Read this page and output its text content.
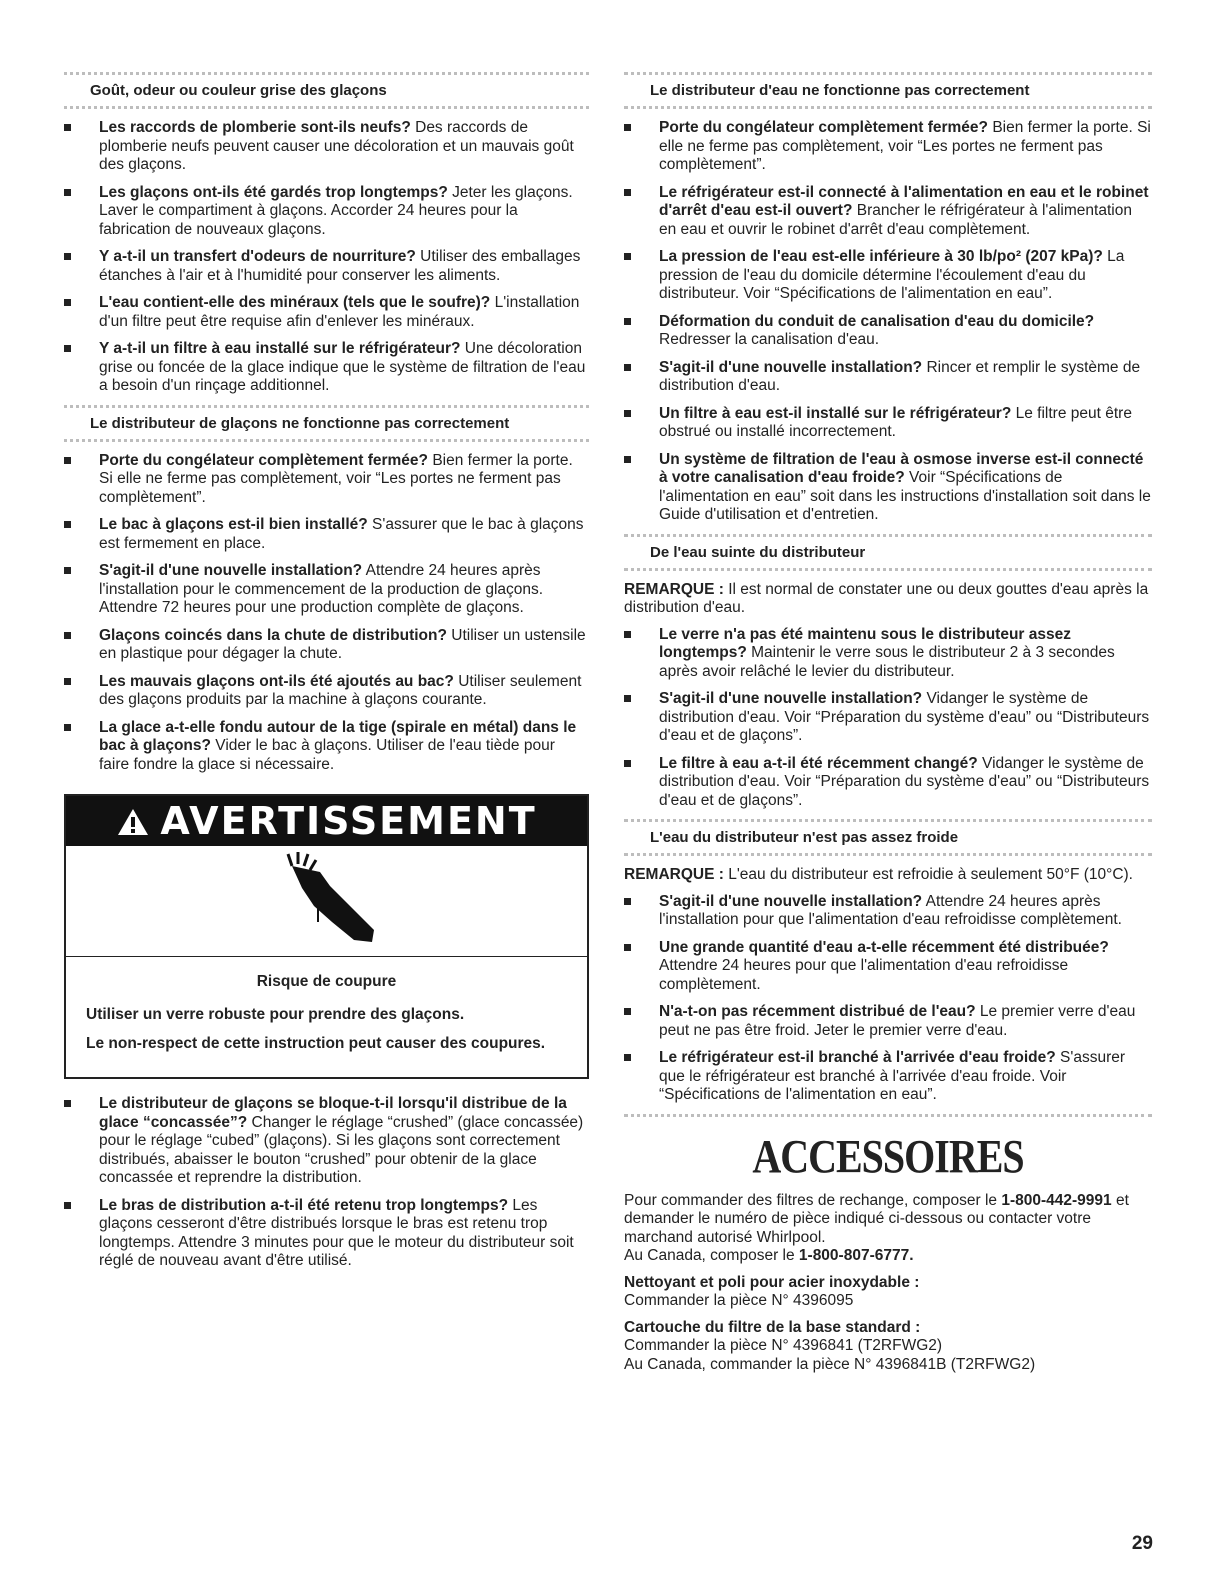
Goût, odeur ou couleur grise des glaçons
Les raccords de plomberie sont-ils neufs? Des raccords de plomberie neufs peuvent causer une décoloration et un mauvais goût des glaçons.
Les glaçons ont-ils été gardés trop longtemps? Jeter les glaçons. Laver le compartiment à glaçons. Accorder 24 heures pour la fabrication de nouveaux glaçons.
Y a-t-il un transfert d'odeurs de nourriture? Utiliser des emballages étanches à l'air et à l'humidité pour conserver les aliments.
L'eau contient-elle des minéraux (tels que le soufre)? L'installation d'un filtre peut être requise afin d'enlever les minéraux.
Y a-t-il un filtre à eau installé sur le réfrigérateur? Une décoloration grise ou foncée de la glace indique que le système de filtration de l'eau a besoin d'un rinçage additionnel.
Le distributeur de glaçons ne fonctionne pas correctement
Porte du congélateur complètement fermée? Bien fermer la porte. Si elle ne ferme pas complètement, voir “Les portes ne ferment pas complètement”.
Le bac à glaçons est-il bien installé? S'assurer que le bac à glaçons est fermement en place.
S'agit-il d'une nouvelle installation? Attendre 24 heures après l'installation pour le commencement de la production de glaçons. Attendre 72 heures pour une production complète de glaçons.
Glaçons coincés dans la chute de distribution? Utiliser un ustensile en plastique pour dégager la chute.
Les mauvais glaçons ont-ils été ajoutés au bac? Utiliser seulement des glaçons produits par la machine à glaçons courante.
La glace a-t-elle fondu autour de la tige (spirale en métal) dans le bac à glaçons? Vider le bac à glaçons. Utiliser de l'eau tiède pour faire fondre la glace si nécessaire.
AVERTISSEMENT
Risque de coupure
Utiliser un verre robuste pour prendre des glaçons.
Le non-respect de cette instruction peut causer des coupures.
Le distributeur de glaçons se bloque-t-il lorsqu'il distribue de la glace “concassée”? Changer le réglage “crushed” (glace concassée) pour le réglage “cubed” (glaçons). Si les glaçons sont correctement distribués, abaisser le bouton “crushed” pour obtenir de la glace concassée et reprendre la distribution.
Le bras de distribution a-t-il été retenu trop longtemps? Les glaçons cesseront d'être distribués lorsque le bras est retenu trop longtemps. Attendre 3 minutes pour que le moteur du distributeur soit réglé de nouveau avant d'être utilisé.
Le distributeur d'eau ne fonctionne pas correctement
Porte du congélateur complètement fermée? Bien fermer la porte. Si elle ne ferme pas complètement, voir “Les portes ne ferment pas complètement”.
Le réfrigérateur est-il connecté à l'alimentation en eau et le robinet d'arrêt d'eau est-il ouvert? Brancher le réfrigérateur à l'alimentation en eau et ouvrir le robinet d'arrêt d'eau complètement.
La pression de l'eau est-elle inférieure à 30 lb/po² (207 kPa)? La pression de l'eau du domicile détermine l'écoulement d'eau du distributeur. Voir “Spécifications de l'alimentation en eau”.
Déformation du conduit de canalisation d'eau du domicile? Redresser la canalisation d'eau.
S'agit-il d'une nouvelle installation? Rincer et remplir le système de distribution d'eau.
Un filtre à eau est-il installé sur le réfrigérateur? Le filtre peut être obstrué ou installé incorrectement.
Un système de filtration de l'eau à osmose inverse est-il connecté à votre canalisation d'eau froide? Voir “Spécifications de l'alimentation en eau” soit dans les instructions d'installation soit dans le Guide d'utilisation et d'entretien.
De l'eau suinte du distributeur

REMARQUE : Il est normal de constater une ou deux gouttes d'eau après la distribution d'eau.

Le verre n'a pas été maintenu sous le distributeur assez longtemps? Maintenir le verre sous le distributeur 2 à 3 secondes après avoir relâché le levier du distributeur.
S'agit-il d'une nouvelle installation? Vidanger le système de distribution d'eau. Voir “Préparation du système d'eau” ou “Distributeurs d'eau et de glaçons”.
Le filtre à eau a-t-il été récemment changé? Vidanger le système de distribution d'eau. Voir “Préparation du système d'eau” ou “Distributeurs d'eau et de glaçons”.
L'eau du distributeur n'est pas assez froide

REMARQUE : L'eau du distributeur est refroidie à seulement 50°F (10°C).

S'agit-il d'une nouvelle installation? Attendre 24 heures après l'installation pour que l'alimentation d'eau refroidisse complètement.
Une grande quantité d'eau a-t-elle récemment été distribuée? Attendre 24 heures pour que l'alimentation d'eau refroidisse complètement.
N'a-t-on pas récemment distribué de l'eau? Le premier verre d'eau peut ne pas être froid. Jeter le premier verre d'eau.
Le réfrigérateur est-il branché à l'arrivée d'eau froide? S'assurer que le réfrigérateur est branché à l'arrivée d'eau froide. Voir “Spécifications de l'alimentation en eau”.
ACCESSOIRES

Pour commander des filtres de rechange, composer le 1-800-442-9991 et demander le numéro de pièce indiqué ci-dessous ou contacter votre marchand autorisé Whirlpool.

Au Canada, composer le 1-800-807-6777.

Nettoyant et poli pour acier inoxydable :

Commander la pièce N° 4396095

Cartouche du filtre de la base standard :

Commander la pièce N° 4396841 (T2RFWG2)

Au Canada, commander la pièce N° 4396841B (T2RFWG2)

29
